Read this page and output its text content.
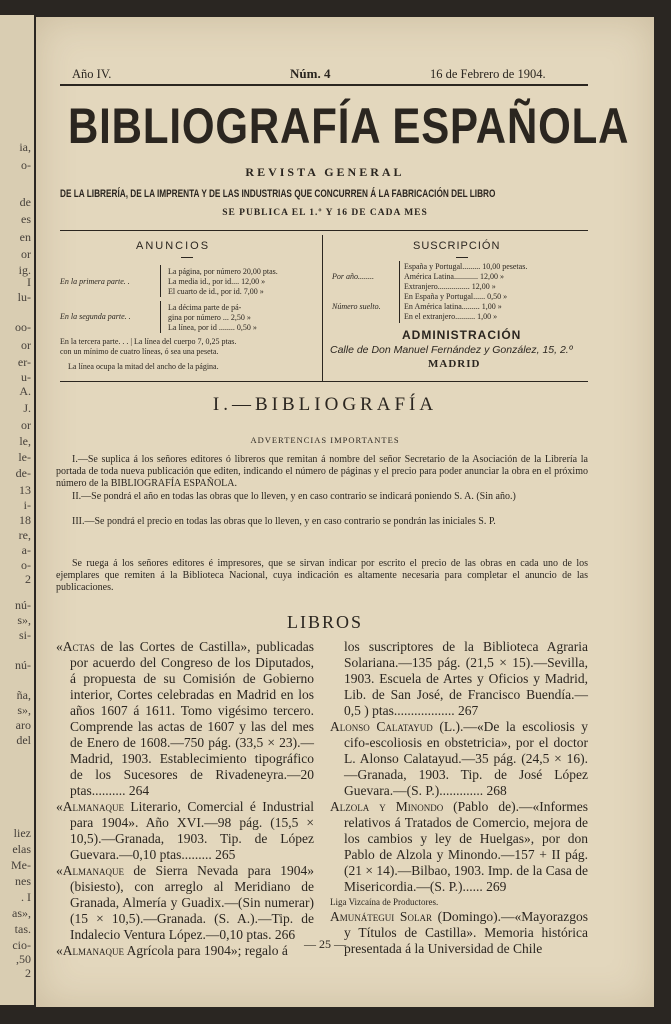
ia,
o-
de
es
en
or
ig.
I
lu-
oo-
or
er-
u-
A.
J.
or
le,
le-
de-
13
i-
18
re,
a-
o-
2
nú-
s»,
si-
nú-
ña,
s»,
aro
del
liez
elas
Me-
nes
. I
as»,
tas.
cio-
,50
2
Año IV.	Núm. 4	16 de Febrero de 1904.
BIBLIOGRAFÍA ESPAÑOLA
REVISTA GENERAL
DE LA LIBRERÍA, DE LA IMPRENTA Y DE LAS INDUSTRIAS QUE CONCURREN Á LA FABRICACIÓN DEL LIBRO
SE PUBLICA EL 1.º Y 16 DE CADA MES
ANUNCIOS
En la primera parte. .
La página, por número 20,00 ptas.
La media id., por id.... 12,00 »
El cuarto de id., por id. 7,00 »
En la segunda parte. .
La décima parte de pá-
gina por número ... 2,50 »
La línea, por id ........ 0,50 »
En la tercera parte. . . | La línea del cuerpo 7, 0,25 ptas.
con un mínimo de cuatro líneas, ó sea una peseta.
La línea ocupa la mitad del ancho de la página.
SUSCRIPCIÓN
Por año........
España y Portugal......... 10,00 pesetas.
América Latina............ 12,00 »
Extranjero................ 12,00 »
Número suelto.
En España y Portugal...... 0,50 »
En América latina......... 1,00 »
En el extranjero.......... 1,00 »
ADMINISTRACIÓN
Calle de Don Manuel Fernández y González, 15, 2.º
MADRID
I.—BIBLIOGRAFÍA
ADVERTENCIAS IMPORTANTES
I.—Se suplica á los señores editores ó libreros que remitan á nombre del señor Secretario de la Asociación de la Librería la portada de toda nueva publicación que editen, indicando el número de páginas y el precio para poder anunciar la obra en el próximo número de la BIBLIOGRAFÍA ESPAÑOLA.
II.—Se pondrá el año en todas las obras que lo lleven, y en caso contrario se indicará poniendo S. A. (Sin año.)
III.—Se pondrá el precio en todas las obras que lo lleven, y en caso contrario se pondrán las iniciales S. P.
Se ruega á los señores editores é impresores, que se sirvan indicar por escrito el precio de las obras en cada uno de los ejemplares que remiten á la Biblioteca Nacional, cuya indicación es altamente necesaria para completar el anuncio de las publicaciones.
LIBROS
«Actas de las Cortes de Castilla», publicadas por acuerdo del Congreso de los Diputados, á propuesta de su Comisión de Gobierno interior, Cortes celebradas en Madrid en los años 1607 á 1611. Tomo vigésimo tercero. Comprende las actas de 1607 y las del mes de Enero de 1608.—750 pág. (33,5 × 23).—Madrid, 1903. Establecimiento tipográfico de los Sucesores de Rivadeneyra.—20 ptas.......... 264
«Almanaque Literario, Comercial é Industrial para 1904». Año XVI.—98 pág. (15,5 × 10,5).—Granada, 1903. Tip. de López Guevara.—0,10 ptas......... 265
«Almanaque de Sierra Nevada para 1904» (bisiesto), con arreglo al Meridiano de Granada, Almería y Guadix.—(Sin numerar) (15 × 10,5).—Granada. (S. A.).—Tip. de Indalecio Ventura López.—0,10 ptas. 266
«Almanaque Agrícola para 1904»; regalo á
los suscriptores de la Biblioteca Agraria Solariana.—135 pág. (21,5 × 15).—Sevilla, 1903. Escuela de Artes y Oficios y Madrid, Lib. de San José, de Francisco Buendía.—0,5 ) ptas.................. 267
Alonso Calatayud (L.).—«De la escoliosis y cifo-escoliosis en obstetricia», por el doctor L. Alonso Calatayud.—35 pág. (24,5 × 16).—Granada, 1903. Tip. de José López Guevara.—(S. P.)............. 268
Alzola y Minondo (Pablo de).—«Informes relativos á Tratados de Comercio, mejora de los cambios y ley de Huelgas», por don Pablo de Alzola y Minondo.—157 + II pág. (21 × 14).—Bilbao, 1903. Imp. de la Casa de Misericordia.—(S. P.)...... 269
Liga Vizcaína de Productores.
Amunátegui Solar (Domingo).—«Mayorazgos y Títulos de Castilla». Memoria histórica presentada á la Universidad de Chile
— 25 —
